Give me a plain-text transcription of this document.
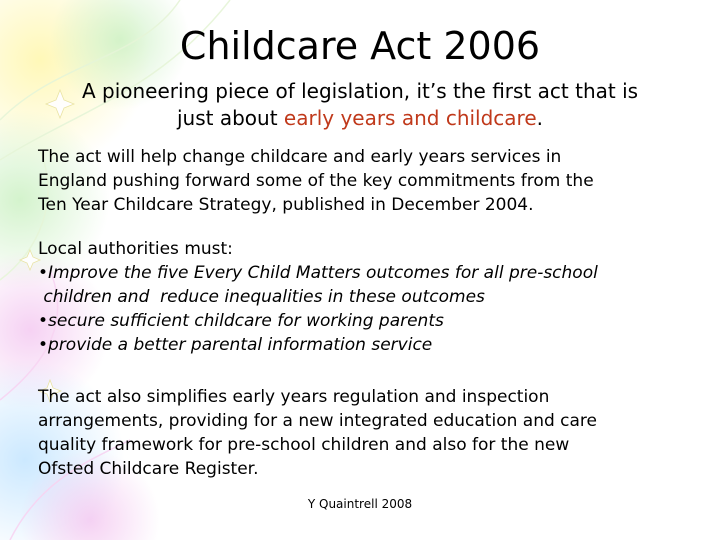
Childcare Act 2006
A pioneering piece of legislation, it’s the first act that is
just about early years and childcare.
The act will help change childcare and early years services in
England pushing forward some of the key commitments from the
Ten Year Childcare Strategy, published in December 2004.
Local authorities must:
•Improve the five Every Child Matters outcomes for all pre-school
children and  reduce inequalities in these outcomes
•secure sufficient childcare for working parents
•provide a better parental information service
The act also simplifies early years regulation and inspection
arrangements, providing for a new integrated education and care
quality framework for pre-school children and also for the new
Ofsted Childcare Register.
Y Quaintrell 2008
